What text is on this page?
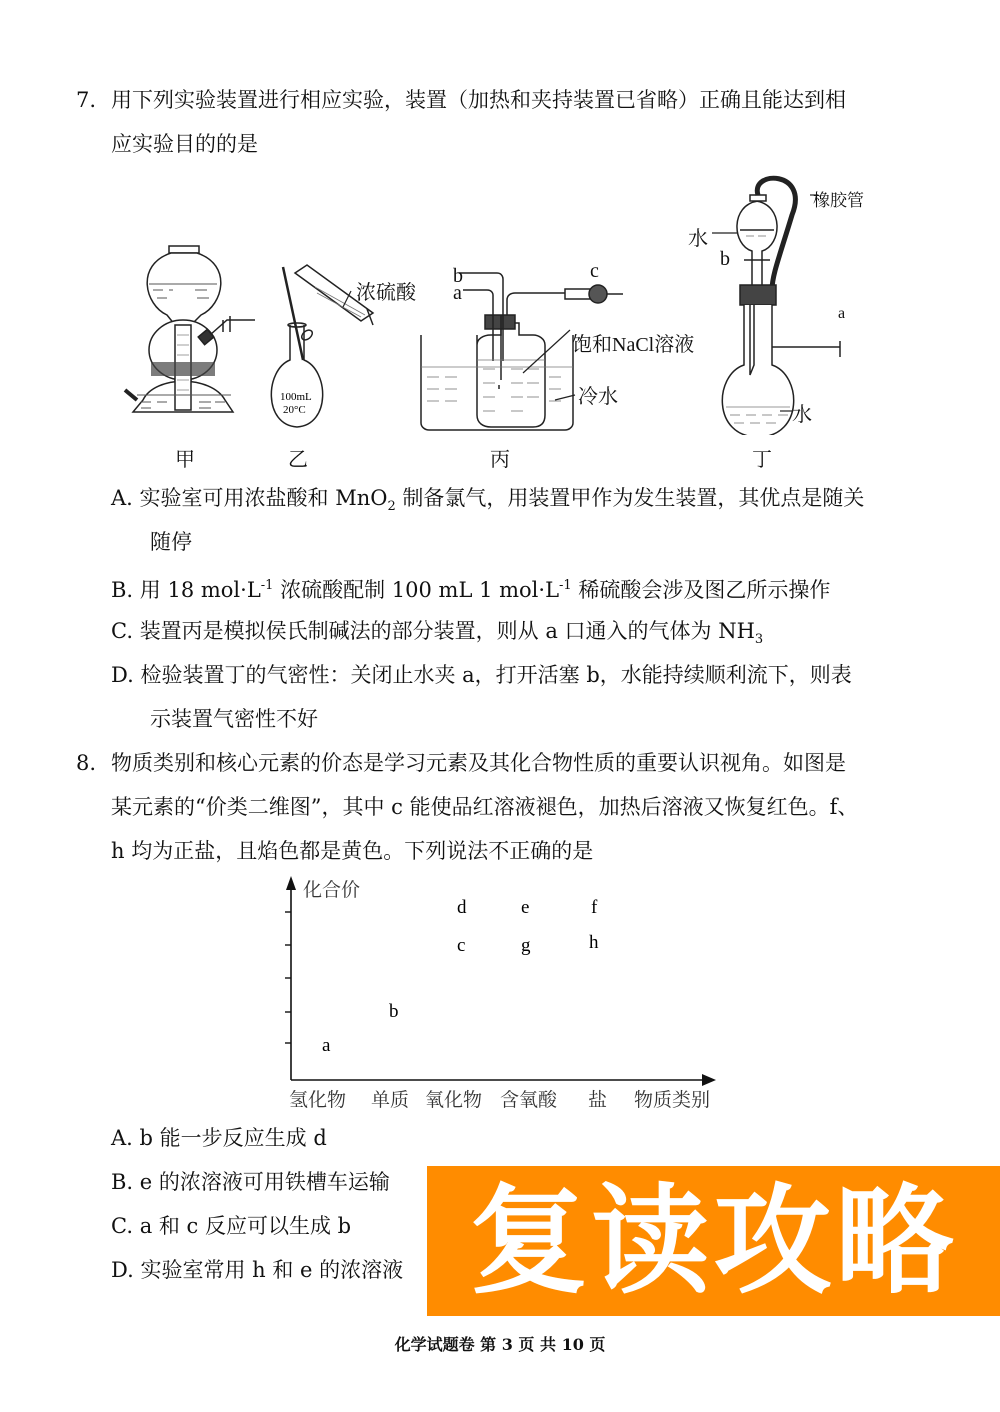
7. 用下列实验装置进行相应实验，装置（加热和夹持装置已省略）正确且能达到相
应实验目的的是
甲
100mL
20°C
浓硫酸
乙
b
a
c
饱和NaCl溶液
冷水
丙
橡胶管
水
b
a
水
丁
A. 实验室可用浓盐酸和 MnO$_2$ 制备氯气，用装置甲作为发生装置，其优点是随关
随停
B. 用 18 $mol\cdot L^{-1}$ 浓硫酸配制 100 mL 1 $mol\cdot L^{-1}$ 稀硫酸会涉及图乙所示操作
C. 装置丙是模拟侯氏制碱法的部分装置，则从 a 口通入的气体为 $NH_3$
D. 检验装置丁的气密性：关闭止水夹 a，打开活塞 b，水能持续顺利流下，则表
示装置气密性不好
8. 物质类别和核心元素的价态是学习元素及其化合物性质的重要认识视角。如图是
某元素的“价类二维图”，其中 c 能使品红溶液褪色，加热后溶液又恢复红色。f、
h 均为正盐，且焰色都是黄色。下列说法不正确的是
化合价
a
b
c
d
g
e
h
f
氢化物 单质 氧化物 含氧酸 盐 物质类别
A. b 能一步反应生成 d
B. e 的浓溶液可用铁槽车运输
C. a 和 c 反应可以生成 b
D. 实验室常用 h 和 e 的浓溶液 复读攻略
化学试题卷 第 3 页 共 10 页
